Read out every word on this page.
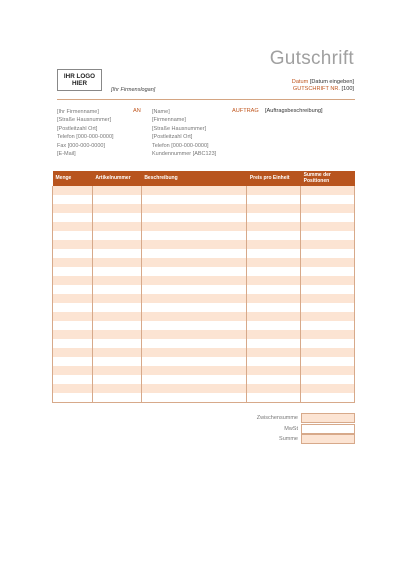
Gutschrift
IHR LOGO HIER
[Ihr Firmenslogan]
Datum [Datum eingeben]
GUTSCHRIFT NR. [100]
[Ihr Firmenname]
[Straße Hausnummer]
[Postleitzahl Ort]
Telefon [000-000-0000]
Fax [000-000-0000]
[E-Mail]
AN [Name]
[Firmenname]
[Straße Hausnummer]
[Postleitzahl Ort]
Telefon [000-000-0000]
Kundennummer [ABC123]
AUFTRAG [Auftragsbeschreibung]
Menge	Artikelnummer	Beschreibung	Preis pro Einheit	Summe der Positionen

Zwischensumme
MwSt
Summe
